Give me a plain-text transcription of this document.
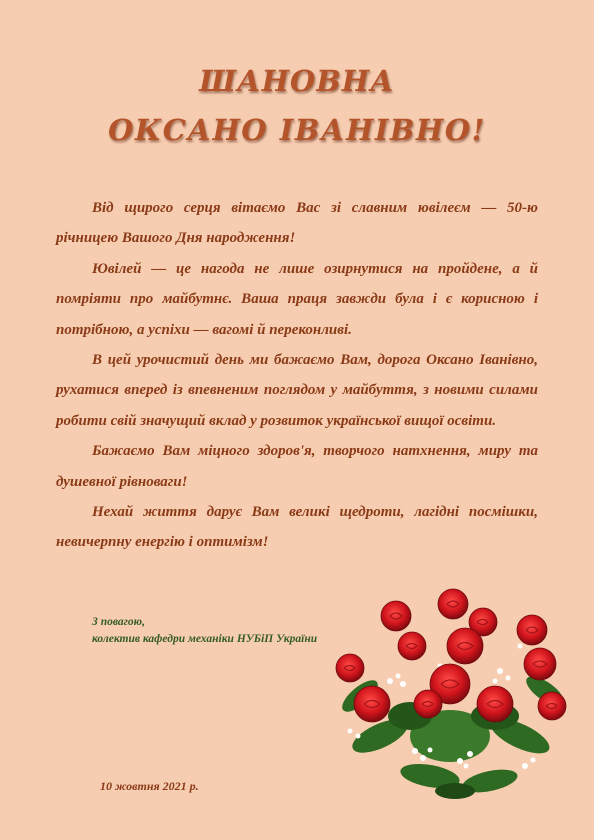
ШАНОВНА
ОКСАНО ІВАНІВНО!

Від щирого серця вітаємо Вас зі славним ювілеєм — 50-ю річницею Вашого Дня народження!

Ювілей — це нагода не лише озирнутися на пройдене, а й помріяти про майбутнє. Ваша праця завжди була і є корисною і потрібною, а успіхи — вагомі й переконливі.

В цей урочистий день ми бажаємо Вам, дорога Оксано Іванівно, рухатися вперед із впевненим поглядом у майбуття, з новими силами робити свій значущий вклад у розвиток української вищої освіти.

Бажаємо Вам міцного здоров'я, творчого натхнення, миру та душевної рівноваги!

Нехай життя дарує Вам великі щедроти, лагідні посмішки, невичерпну енергію і оптимізм!

З повагою,
колектив кафедри механіки НУБіП України
10 жовтня 2021 р.
